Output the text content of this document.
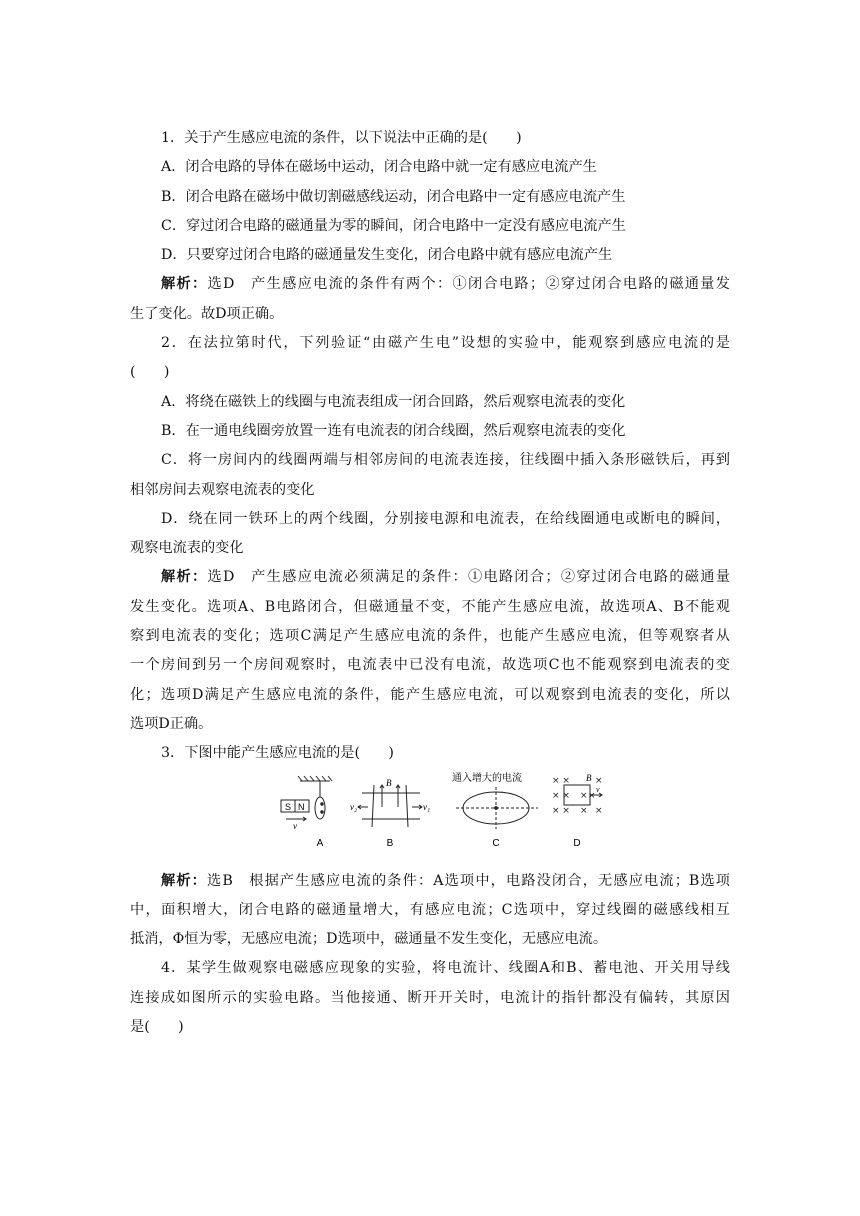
1．关于产生感应电流的条件，以下说法中正确的是(　　)
A．闭合电路的导体在磁场中运动，闭合电路中就一定有感应电流产生
B．闭合电路在磁场中做切割磁感线运动，闭合电路中一定有感应电流产生
C．穿过闭合电路的磁通量为零的瞬间，闭合电路中一定没有感应电流产生
D．只要穿过闭合电路的磁通量发生变化，闭合电路中就有感应电流产生
解析：选D　产生感应电流的条件有两个：①闭合电路；②穿过闭合电路的磁通量发
生了变化。故D项正确。
2．在法拉第时代，下列验证“由磁产生电”设想的实验中，能观察到感应电流的是
(　　)
A．将绕在磁铁上的线圈与电流表组成一闭合回路，然后观察电流表的变化
B．在一通电线圈旁放置一连有电流表的闭合线圈，然后观察电流表的变化
C．将一房间内的线圈两端与相邻房间的电流表连接，往线圈中插入条形磁铁后，再到
相邻房间去观察电流表的变化
D．绕在同一铁环上的两个线圈，分别接电源和电流表，在给线圈通电或断电的瞬间，
观察电流表的变化
解析：选D　产生感应电流必须满足的条件：①电路闭合；②穿过闭合电路的磁通量
发生变化。选项A、B电路闭合，但磁通量不变，不能产生感应电流，故选项A、B不能观
察到电流表的变化；选项C满足产生感应电流的条件，也能产生感应电流，但等观察者从
一个房间到另一个房间观察时，电流表中已没有电流，故选项C也不能观察到电流表的变
化；选项D满足产生感应电流的条件，能产生感应电流，可以观察到电流表的变化，所以
选项D正确。
3．下图中能产生感应电流的是(　　)
S N
v
B
v₂	v₁
通入增大的电流	× ×	×
× × ×
× × × ×
×
B
v
A	B	C	D
解析：选B　根据产生感应电流的条件：A选项中，电路没闭合，无感应电流；B选项
中，面积增大，闭合电路的磁通量增大，有感应电流；C选项中，穿过线圈的磁感线相互
抵消，Φ恒为零，无感应电流；D选项中，磁通量不发生变化，无感应电流。
4．某学生做观察电磁感应现象的实验，将电流计、线圈A和B、蓄电池、开关用导线
连接成如图所示的实验电路。当他接通、断开开关时，电流计的指针都没有偏转，其原因
是(　　)
